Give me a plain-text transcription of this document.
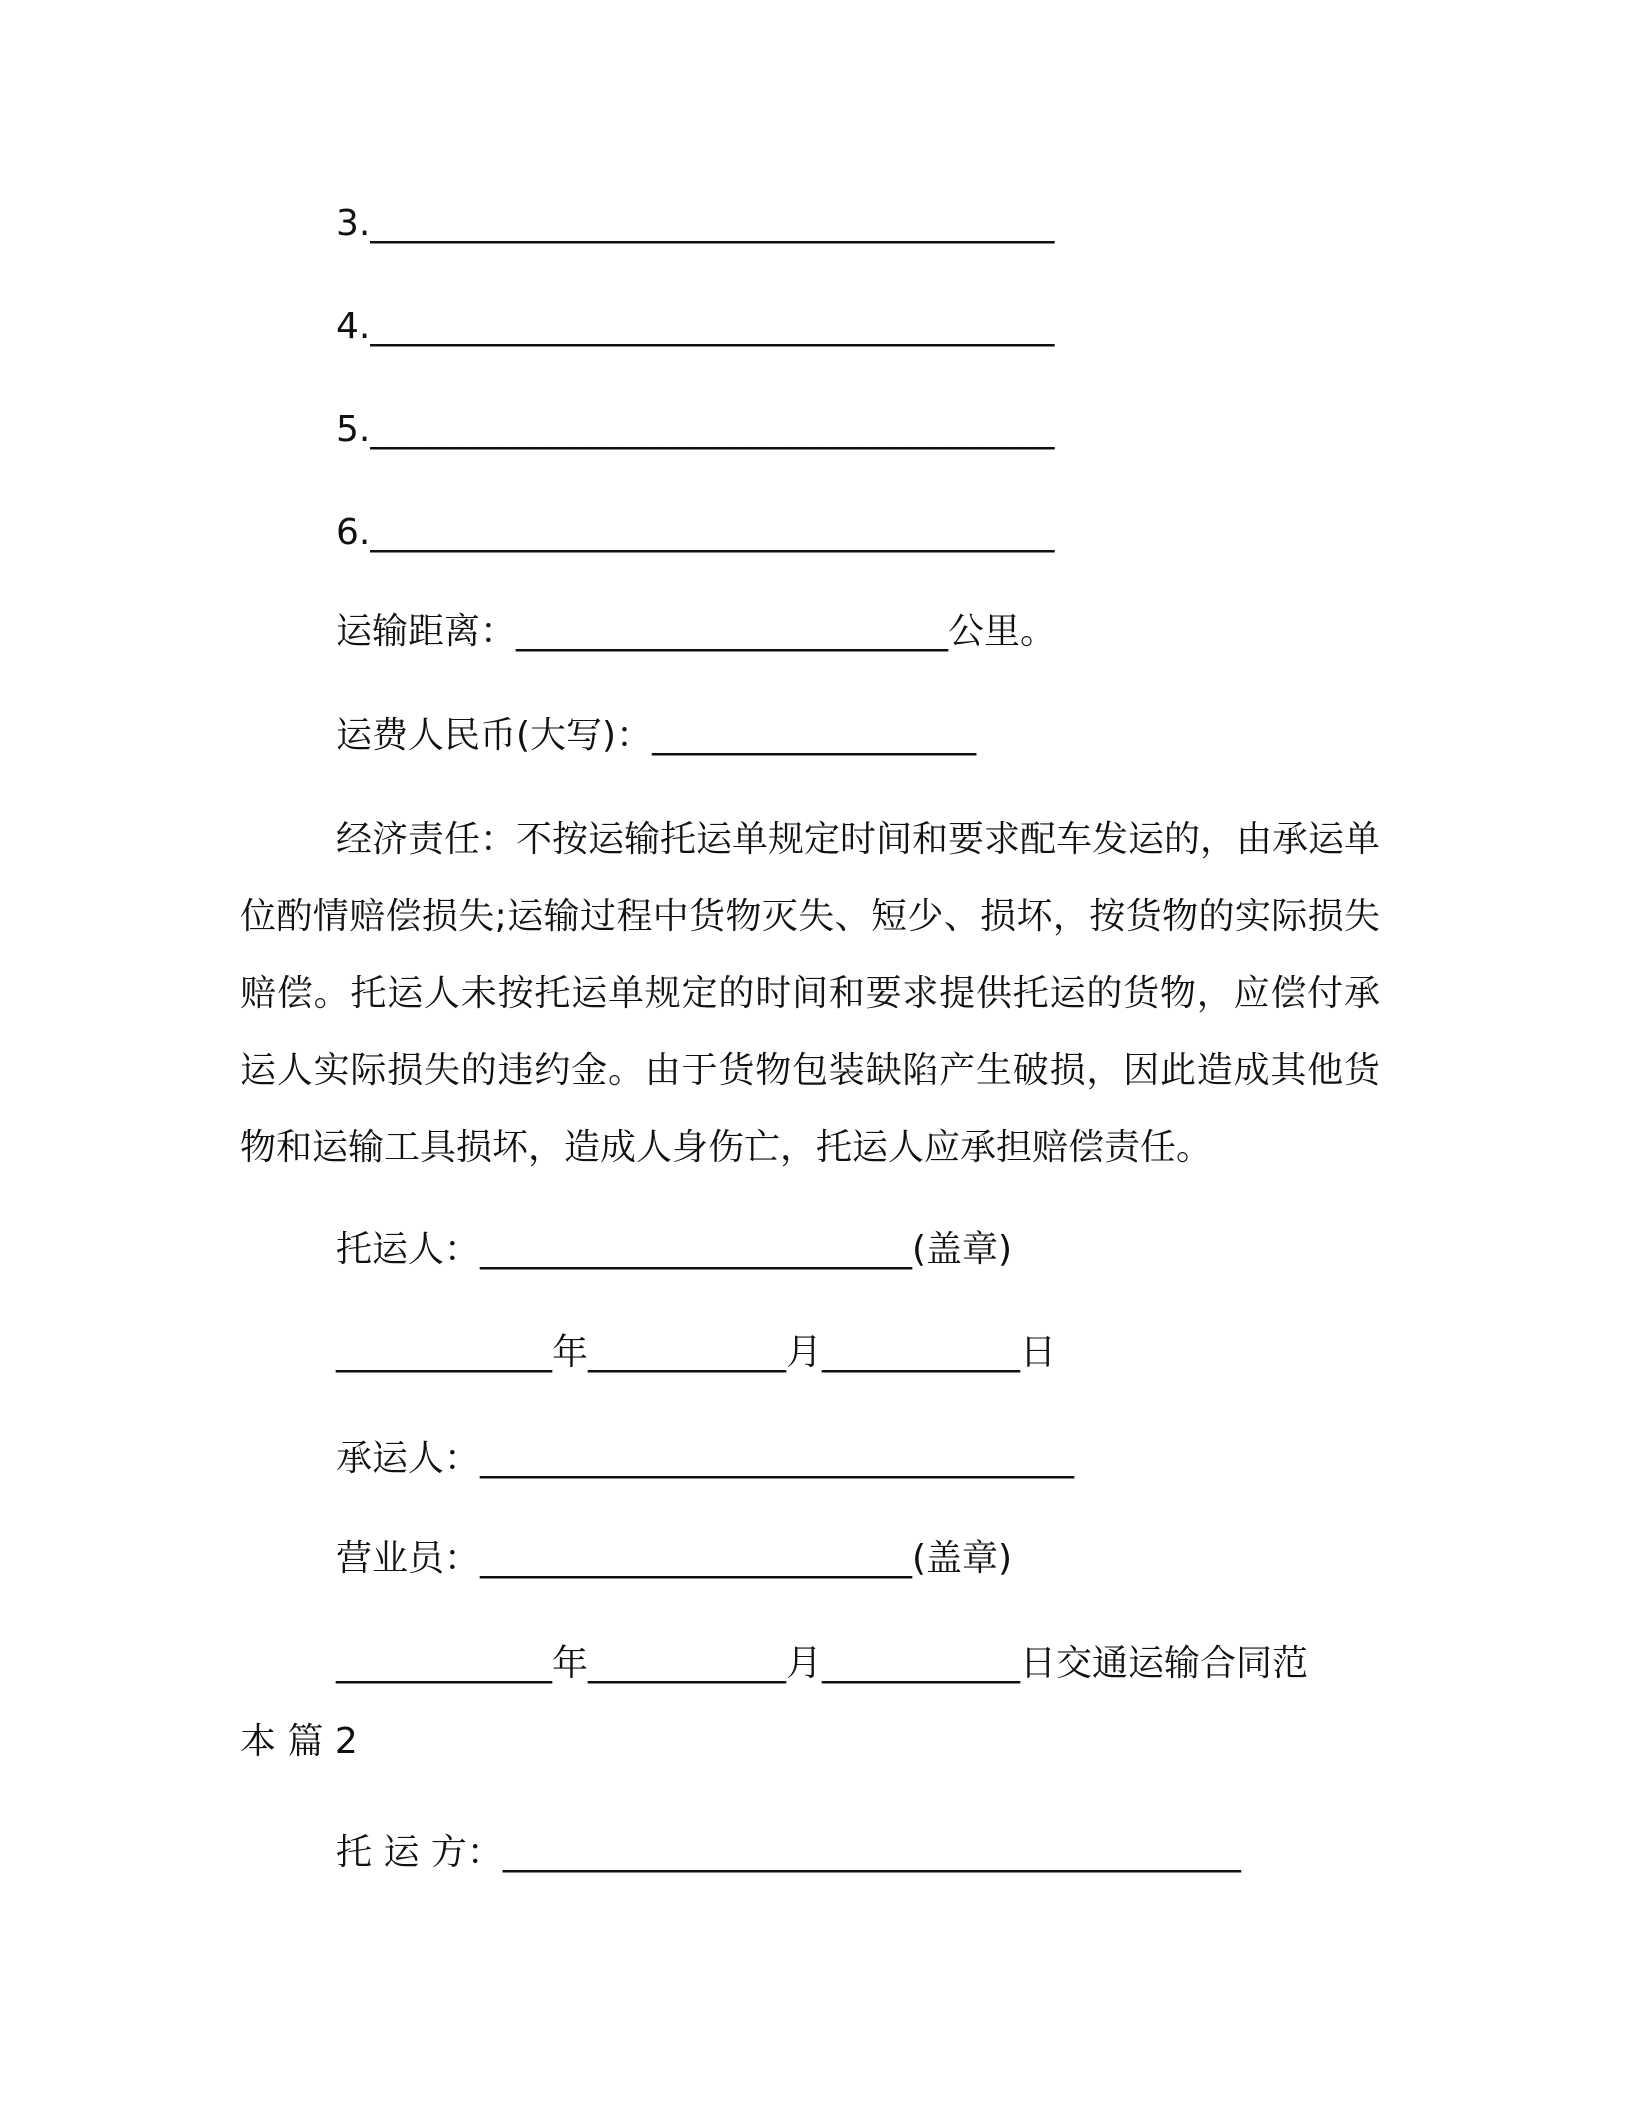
3.______________________________________
4.______________________________________
5.______________________________________
6.______________________________________
运输距离：________________________公里。
运费人民币(大写)：__________________
经济责任：不按运输托运单规定时间和要求配车发运的，由承运单位酌情赔偿损失;运输过程中货物灭失、短少、损坏，按货物的实际损失赔偿。托运人未按托运单规定的时间和要求提供托运的货物，应偿付承运人实际损失的违约金。由于货物包装缺陷产生破损，因此造成其他货物和运输工具损坏，造成人身伤亡，托运人应承担赔偿责任。
托运人：________________________(盖章)
____________年___________月___________日
承运人：_________________________________
营业员：________________________(盖章)
____________年___________月___________日交通运输合同范
本 篇 2
托 运 方：_________________________________________
